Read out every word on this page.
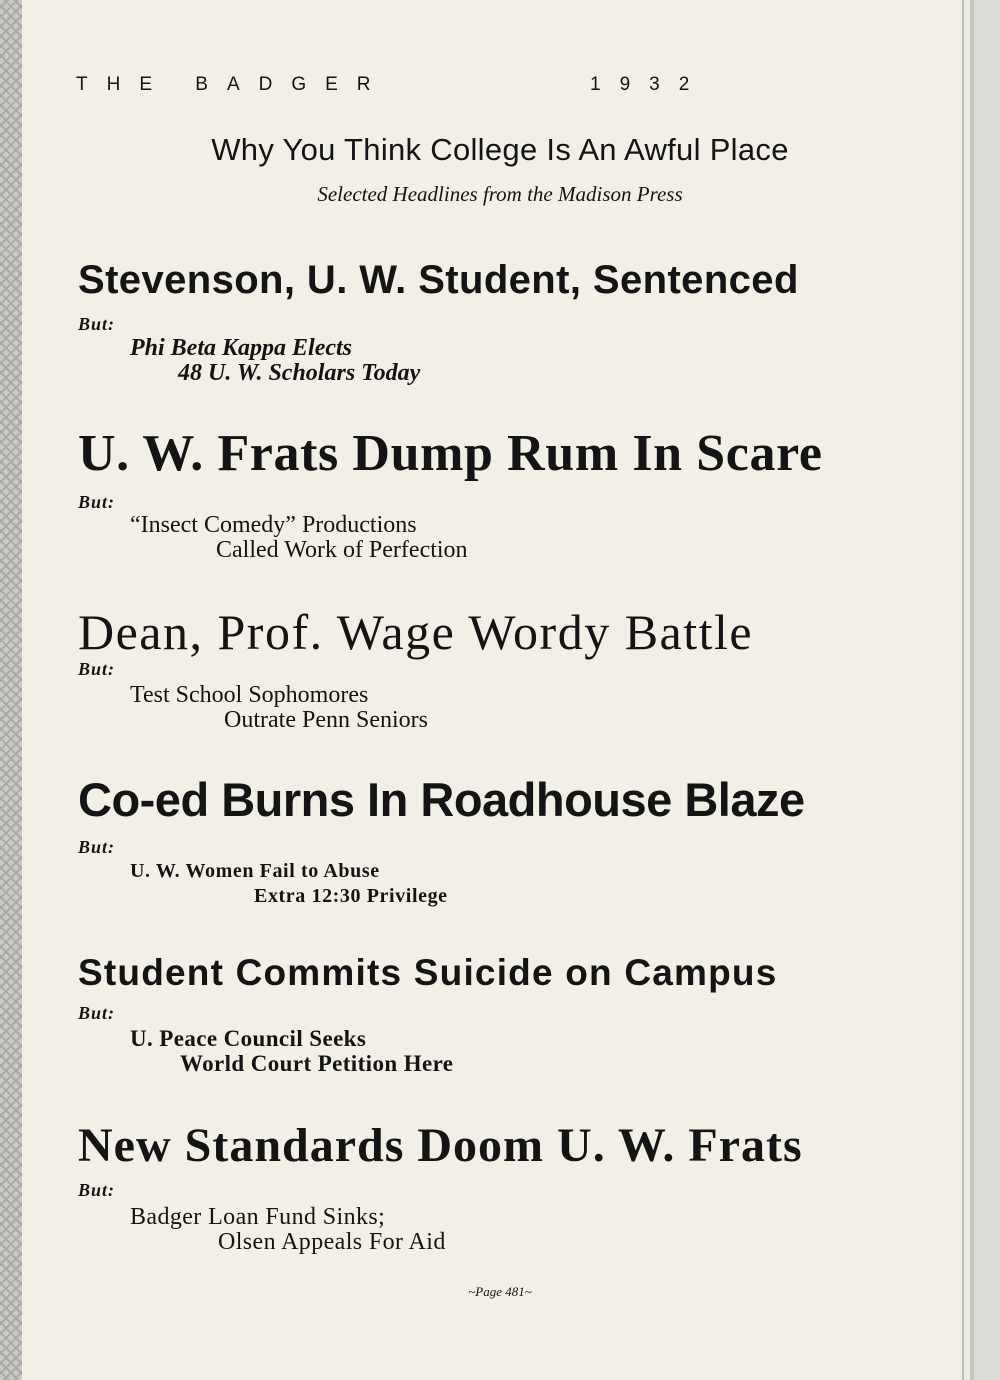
THE BADGER	1932
Why You Think College Is An Awful Place
Selected Headlines from the Madison Press
Stevenson, U. W. Student, Sentenced
But:
Phi Beta Kappa Elects
48 U. W. Scholars Today
U. W. Frats Dump Rum In Scare
But:
“Insect Comedy” Productions
Called Work of Perfection
Dean, Prof. Wage Wordy Battle
But:
Test School Sophomores
Outrate Penn Seniors
Co-ed Burns In Roadhouse Blaze
But:
U. W. Women Fail to Abuse
Extra 12:30 Privilege
Student Commits Suicide on Campus
But:
U. Peace Council Seeks
World Court Petition Here
New Standards Doom U. W. Frats
But:
Badger Loan Fund Sinks;
Olsen Appeals For Aid
~Page 481~
